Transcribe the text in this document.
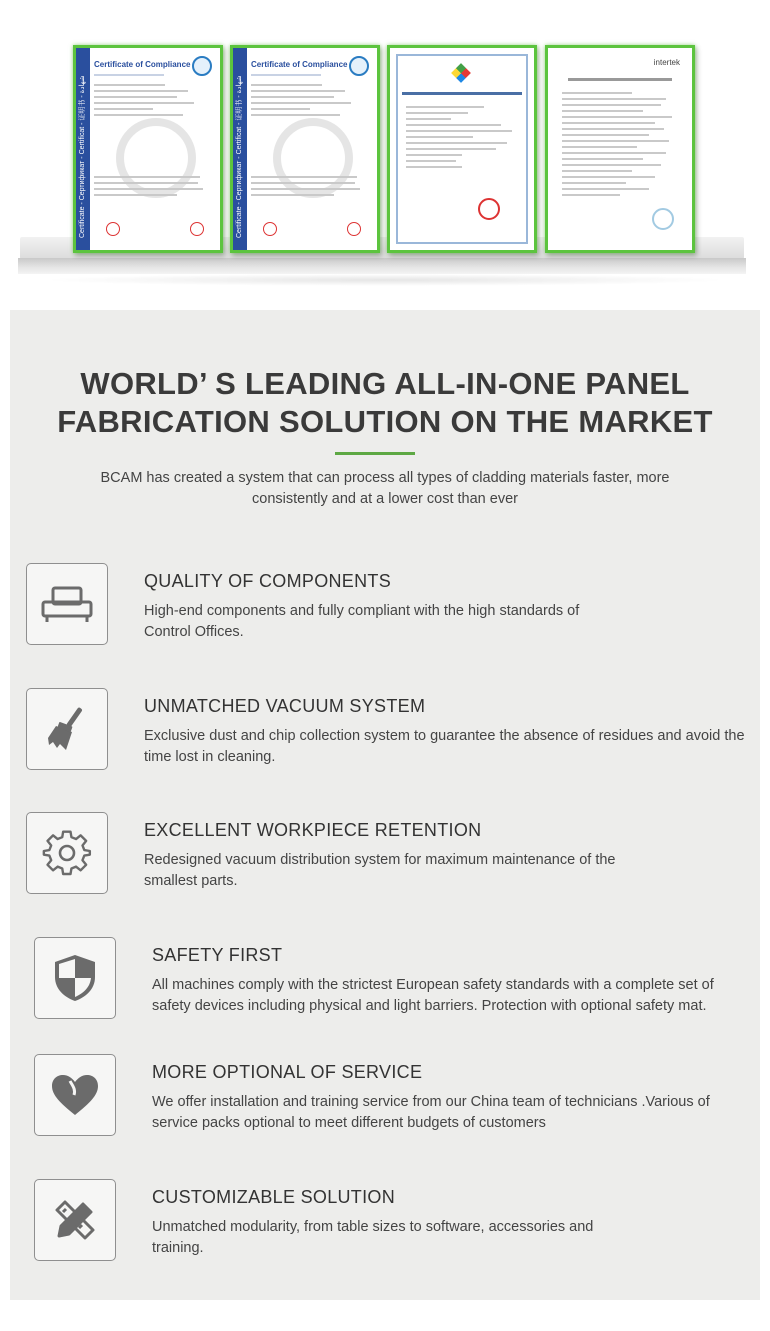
Certificate - Сертификат - Certificat - 证明书 - شهادة
Certificate of Compliance
Certificate - Сертификат - Certificat - 证明书 - شهادة
Certificate of Compliance	intertek
WORLD’ S LEADING ALL-IN-ONE PANEL
FABRICATION SOLUTION ON THE MARKET

BCAM has created a system that can process all types of cladding materials faster, more consistently and at a lower cost than ever

QUALITY OF COMPONENTS
High-end components and fully compliant with the high standards of Control Offices.
UNMATCHED VACUUM SYSTEM
Exclusive dust and chip collection system to guarantee the absence of residues and avoid the time lost in cleaning.
EXCELLENT WORKPIECE RETENTION
Redesigned vacuum distribution system for maximum maintenance of the smallest parts.
SAFETY FIRST
All machines comply with the strictest European safety standards with a complete set of safety devices including physical and light barriers. Protection with optional safety mat.
MORE OPTIONAL OF SERVICE
We offer installation and training service from our China team of technicians .Various of service packs optional to meet different budgets of customers
CUSTOMIZABLE SOLUTION
Unmatched modularity, from table sizes to software, accessories and training.
